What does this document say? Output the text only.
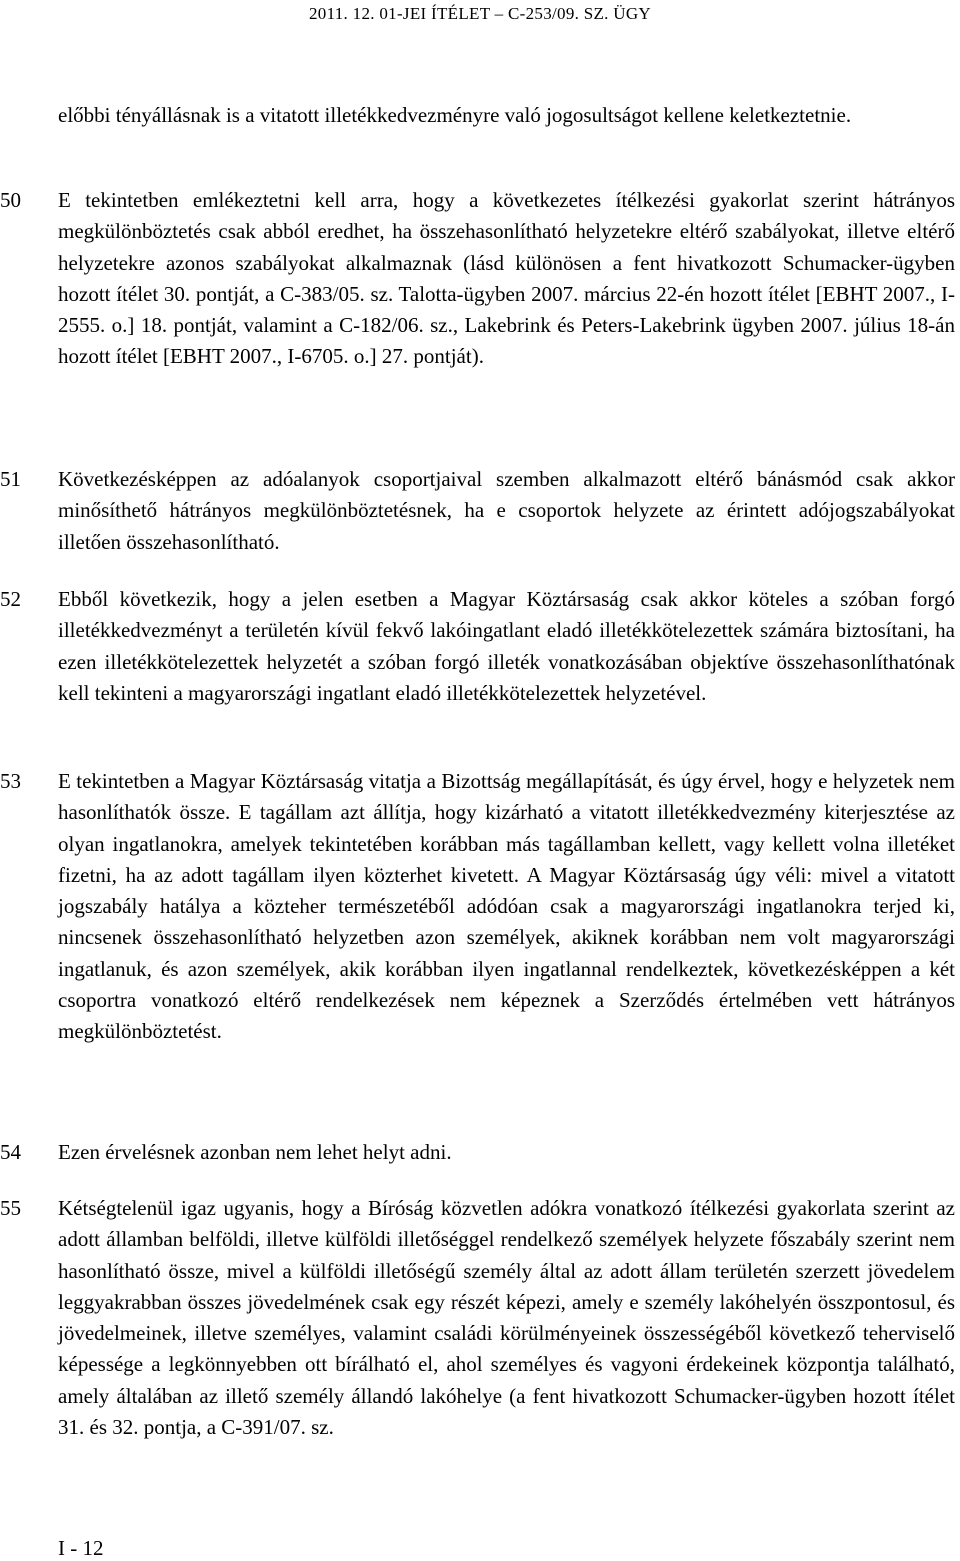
2011. 12. 01-JEI ÍTÉLET – C-253/09. SZ. ÜGY
előbbi tényállásnak is a vitatott illetékkedvezményre való jogosultságot kellene keletkeztetnie.
50	E tekintetben emlékeztetni kell arra, hogy a következetes ítélkezési gyakorlat szerint hátrányos megkülönböztetés csak abból eredhet, ha összehasonlítható helyzetekre eltérő szabályokat, illetve eltérő helyzetekre azonos szabályokat alkalmaznak (lásd különösen a fent hivatkozott Schumacker-ügyben hozott ítélet 30. pontját, a C-383/05. sz. Talotta-ügyben 2007. március 22-én hozott ítélet [EBHT 2007., I-2555. o.] 18. pontját, valamint a C-182/06. sz., Lakebrink és Peters-Lakebrink ügyben 2007. július 18-án hozott ítélet [EBHT 2007., I-6705. o.] 27. pontját).
51	Következésképpen az adóalanyok csoportjaival szemben alkalmazott eltérő bánásmód csak akkor minősíthető hátrányos megkülönböztetésnek, ha e csoportok helyzete az érintett adójogszabályokat illetően összehasonlítható.
52	Ebből következik, hogy a jelen esetben a Magyar Köztársaság csak akkor köteles a szóban forgó illetékkedvezményt a területén kívül fekvő lakóingatlant eladó illetékkötelezettek számára biztosítani, ha ezen illetékkötelezettek helyzetét a szóban forgó illeték vonatkozásában objektíve összehasonlíthatónak kell tekinteni a magyarországi ingatlant eladó illetékkötelezettek helyzetével.
53	E tekintetben a Magyar Köztársaság vitatja a Bizottság megállapítását, és úgy érvel, hogy e helyzetek nem hasonlíthatók össze. E tagállam azt állítja, hogy kizárható a vitatott illetékkedvezmény kiterjesztése az olyan ingatlanokra, amelyek tekintetében korábban más tagállamban kellett, vagy kellett volna illetéket fizetni, ha az adott tagállam ilyen közterhet kivetett. A Magyar Köztársaság úgy véli: mivel a vitatott jogszabály hatálya a közteher természetéből adódóan csak a magyarországi ingatlanokra terjed ki, nincsenek összehasonlítható helyzetben azon személyek, akiknek korábban nem volt magyarországi ingatlanuk, és azon személyek, akik korábban ilyen ingatlannal rendelkeztek, következésképpen a két csoportra vonatkozó eltérő rendelkezések nem képeznek a Szerződés értelmében vett hátrányos megkülönböztetést.
54	Ezen érvelésnek azonban nem lehet helyt adni.
55	Kétségtelenül igaz ugyanis, hogy a Bíróság közvetlen adókra vonatkozó ítélkezési gyakorlata szerint az adott államban belföldi, illetve külföldi illetőséggel rendelkező személyek helyzete főszabály szerint nem hasonlítható össze, mivel a külföldi illetőségű személy által az adott állam területén szerzett jövedelem leggyakrabban összes jövedelmének csak egy részét képezi, amely e személy lakóhelyén összpontosul, és jövedelmeinek, illetve személyes, valamint családi körülményeinek összességéből következő teherviselő képessége a legkönnyebben ott bírálható el, ahol személyes és vagyoni érdekeinek központja található, amely általában az illető személy állandó lakóhelye (a fent hivatkozott Schumacker-ügyben hozott ítélet 31. és 32. pontja, a C-391/07. sz.
I - 12
